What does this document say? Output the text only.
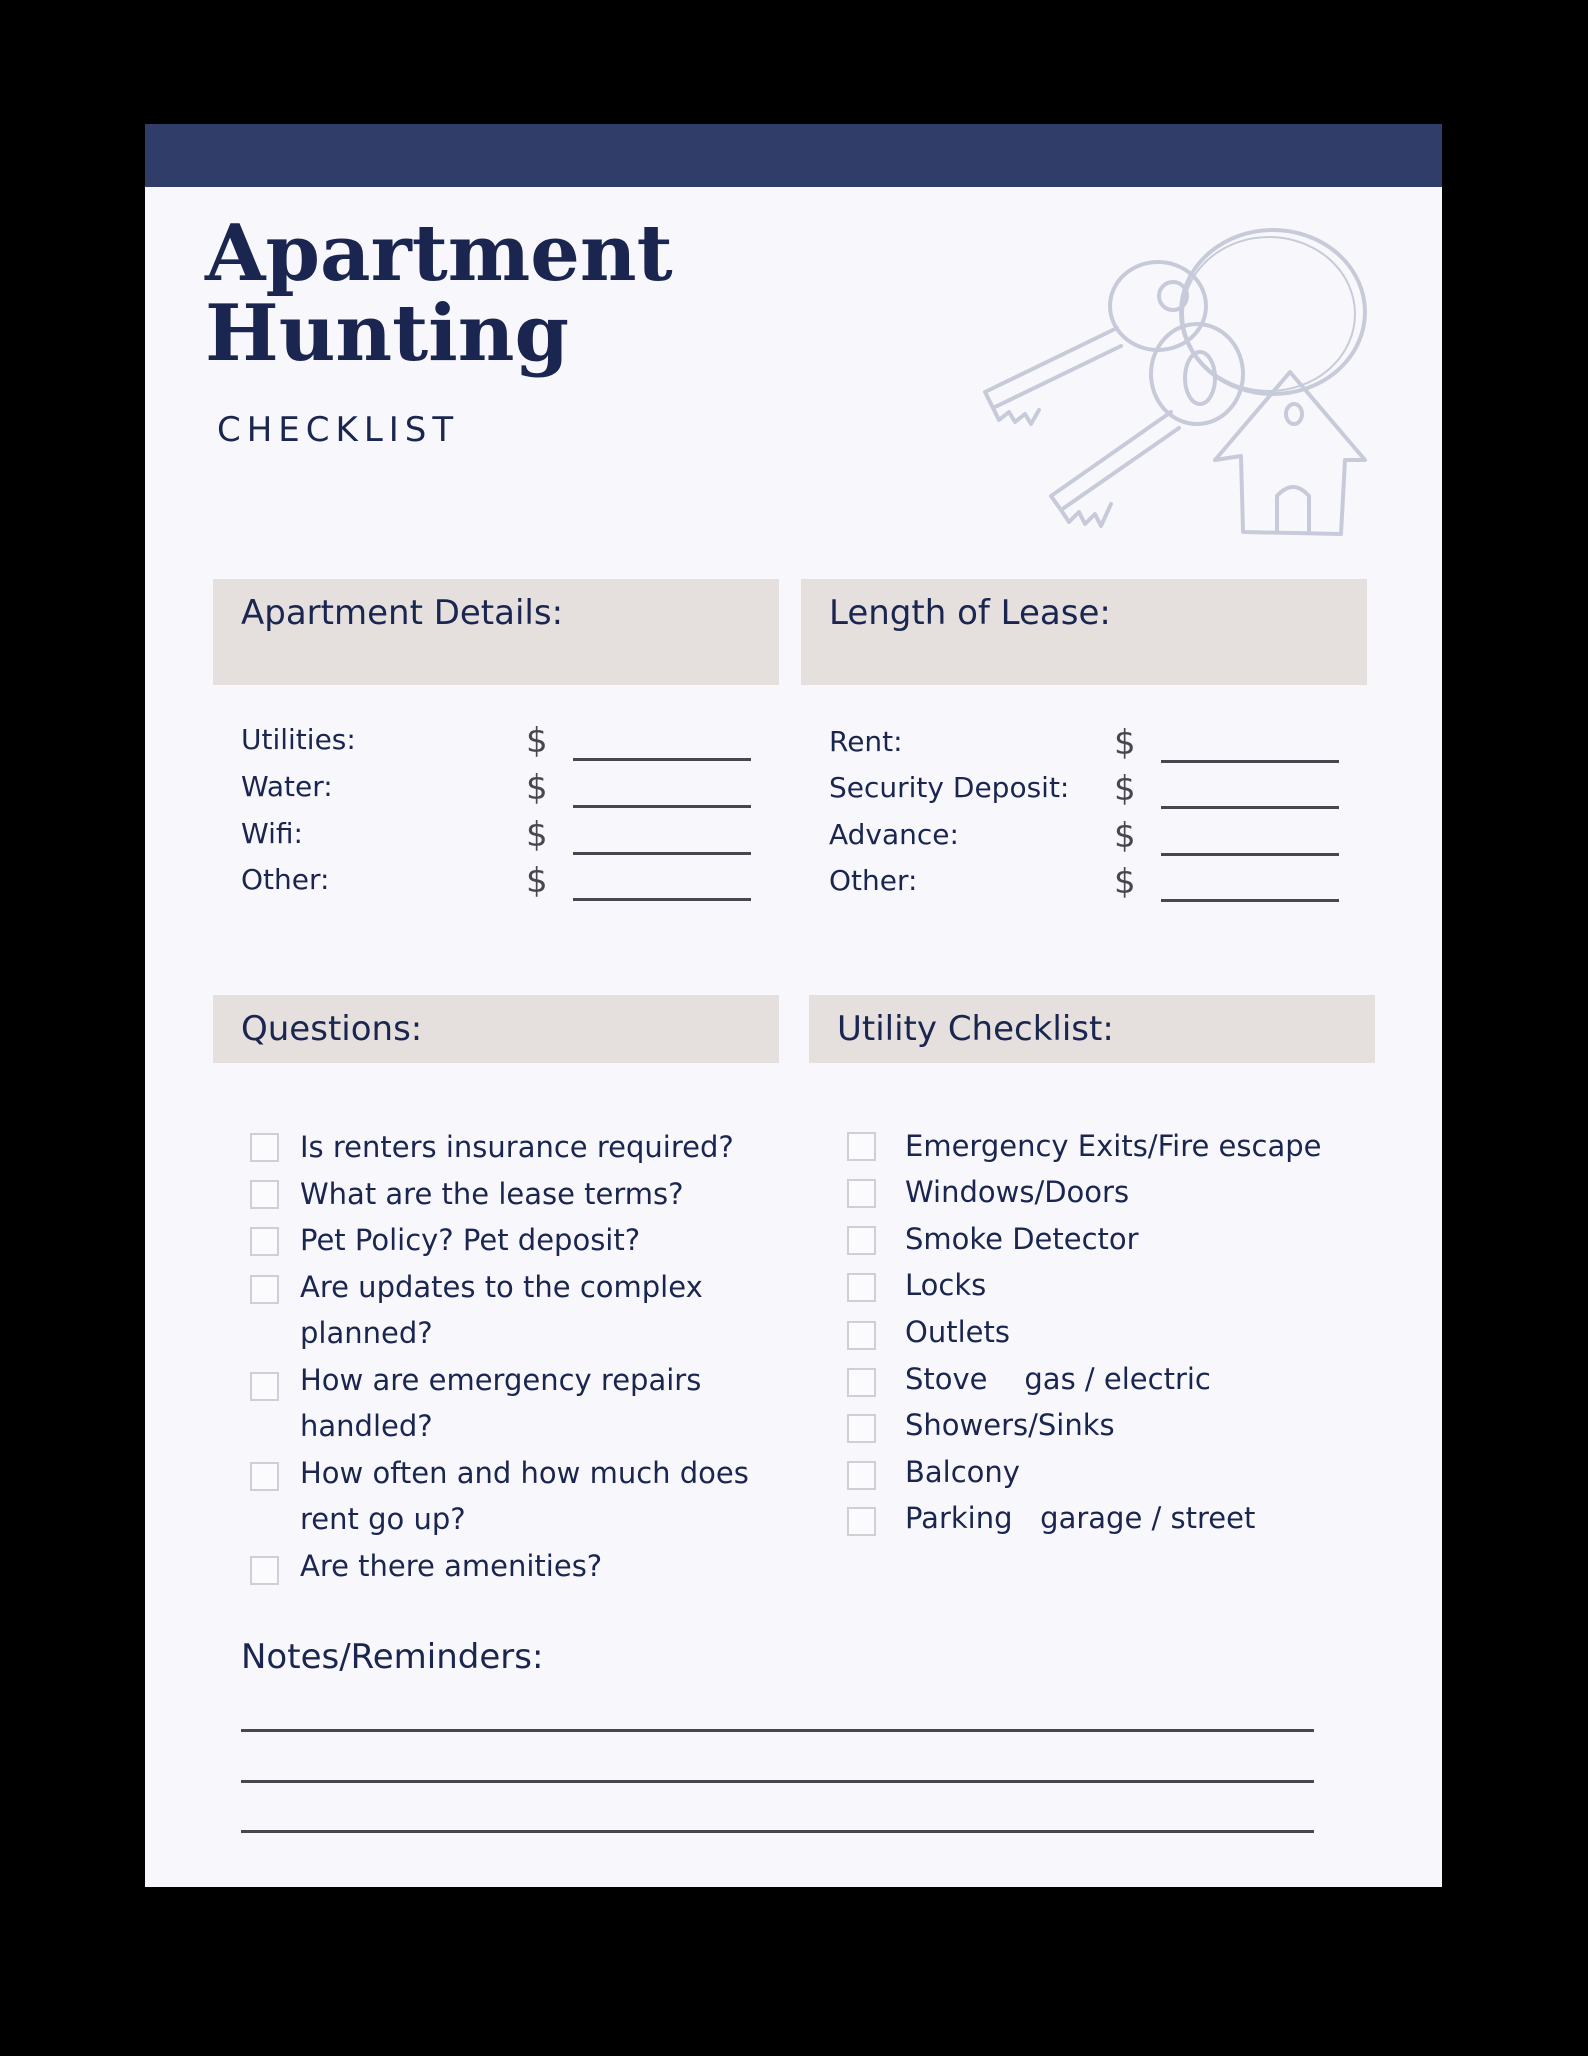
Apartment
Hunting
CHECKLIST
Apartment Details:
Utilities:	$
Water:	$
Wifi:	$
Other:	$
Length of Lease:
Rent:	$
Security Deposit: $
Advance:	$
Other:	$
Questions:
Is renters insurance required?
What are the lease terms?
Pet Policy? Pet deposit?
Are updates to the complex
planned?
How are emergency repairs
handled?
How often and how much does
rent go up?
Are there amenities?
Utility Checklist:
Emergency Exits/Fire escape
Windows/Doors
Smoke Detector
Locks
Outlets
Stove    gas / electric
Showers/Sinks
Balcony
Parking   garage / street
Notes/Reminders:
